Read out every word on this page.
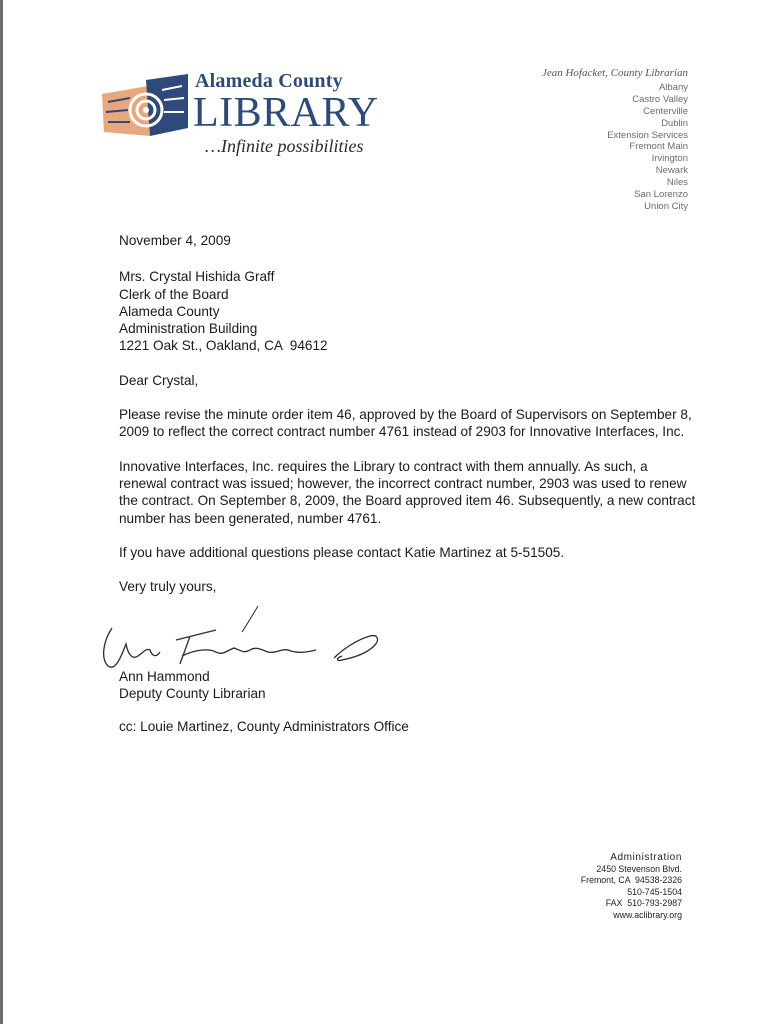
Alameda County
LIBRARY
…Infinite possibilities
Jean Hofacket, County Librarian
Albany
Castro Valley
Centerville
Dublin
Extension Services
Fremont Main
Irvington
Newark
Niles
San Lorenzo
Union City

November 4, 2009

Mrs. Crystal Hishida Graff

Clerk of the Board

Alameda County

Administration Building

1221 Oak St., Oakland, CA  94612

Dear Crystal,

Please revise the minute order item 46, approved by the Board of Supervisors on September 8, 2009 to reflect the correct contract number 4761 instead of 2903 for Innovative Interfaces, Inc.

Innovative Interfaces, Inc. requires the Library to contract with them annually. As such, a renewal contract was issued; however, the incorrect contract number, 2903 was used to renew the contract. On September 8, 2009, the Board approved item 46. Subsequently, a new contract number has been generated, number 4761.

If you have additional questions please contact Katie Martinez at 5-51505.

Very truly yours,

Ann Hammond
Deputy County Librarian
cc: Louie Martinez, County Administrators Office
Administration
2450 Stevenson Blvd.
Fremont, CA  94538-2326
510-745-1504
FAX  510-793-2987
www.aclibrary.org
